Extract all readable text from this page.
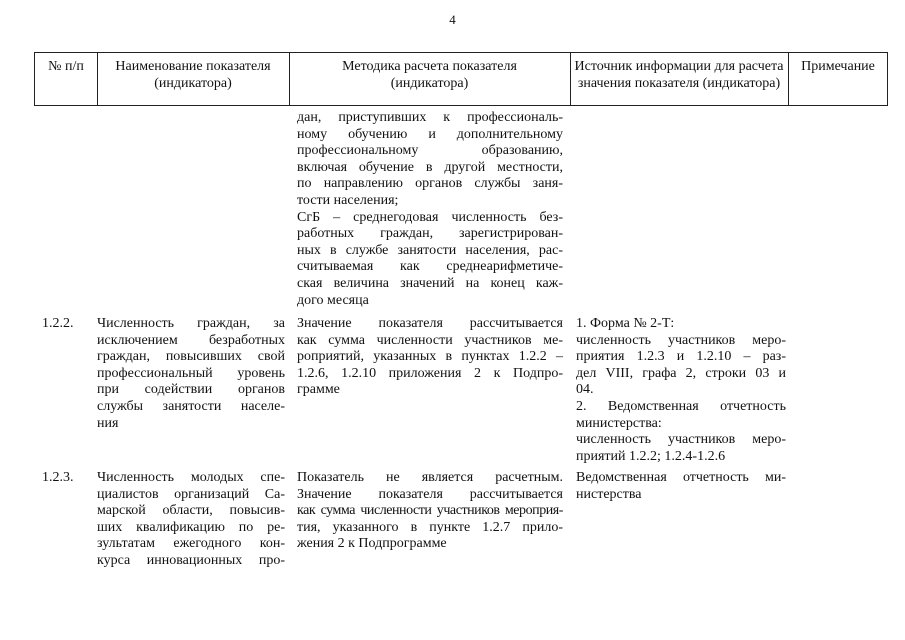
4
№ п/п	Наименование показателя (индикатора)
Методика расчета показателя (индикатора)
Источник информации для расчета значения показателя (индикатора)
Примечание
дан, приступивших к профессиональ-
ному обучению и дополнительному
профессиональному образованию,
включая обучение в другой местности,
по направлению органов службы заня-
тости населения;
СгБ – среднегодовая численность без-
работных граждан, зарегистрирован-
ных в службе занятости населения, рас-
считываемая как среднеарифметиче-
ская величина значений на конец каж-
дого месяца
1.2.2. Численность граждан, за
исключением безработных
граждан, повысивших свой
профессиональный уровень
при содействии органов
службы занятости населе-
ния
Значение показателя рассчитывается
как сумма численности участников ме-
роприятий, указанных в пунктах 1.2.2 –
1.2.6, 1.2.10 приложения 2 к Подпро-
грамме
1. Форма № 2-Т:
численность участников меро-
приятия 1.2.3 и 1.2.10 – раз-
дел VIII, графа 2, строки 03 и
04.
2. Ведомственная отчетность
министерства:
численность участников меро-
приятий 1.2.2; 1.2.4-1.2.6
1.2.3. Численность молодых спе-
циалистов организаций Са-
марской области, повысив-
ших квалификацию по ре-
зультатам ежегодного кон-
курса инновационных про-
Показатель не является расчетным.
Значение показателя рассчитывается
как сумма численности участников мероприя-
тия, указанного в пункте 1.2.7 прило-
жения 2 к Подпрограмме
Ведомственная отчетность ми-
нистерства
